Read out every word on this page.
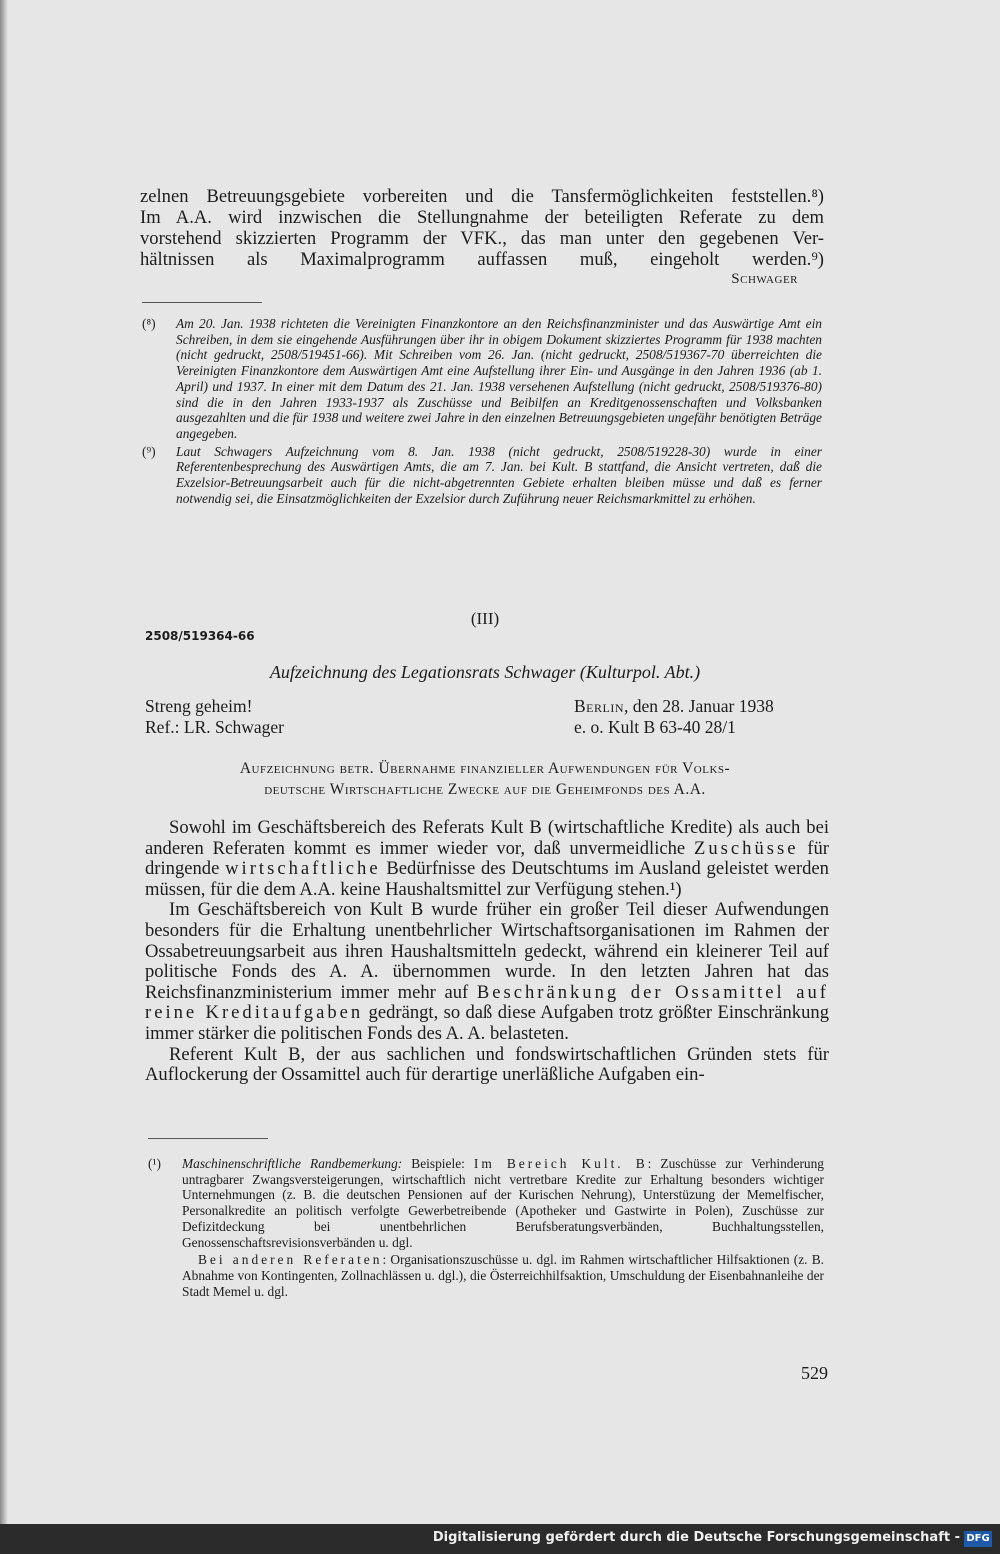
zelnen Betreuungsgebiete vorbereiten und die Tansfermöglichkeiten feststellen.⁸)

Im A.A. wird inzwischen die Stellungnahme der beteiligten Referate zu dem

vorstehend skizzierten Programm der VFK., das man unter den gegebenen Ver-

hältnissen als Maximalprogramm auffassen muß, eingeholt werden.⁹)

Schwager
(⁸)	Am 20. Jan. 1938 richteten die Vereinigten Finanzkontore an den Reichsfinanzminister und das Auswärtige Amt ein Schreiben, in dem sie eingehende Ausführungen über ihr in obigem Dokument skizziertes Programm für 1938 machten (nicht gedruckt, 2508/519451-66). Mit Schreiben vom 26. Jan. (nicht gedruckt, 2508/519367-70 überreichten die Vereinigten Finanzkontore dem Auswärtigen Amt eine Aufstellung ihrer Ein- und Ausgänge in den Jahren 1936 (ab 1. April) und 1937. In einer mit dem Datum des 21. Jan. 1938 versehenen Aufstellung (nicht gedruckt, 2508/519376-80) sind die in den Jahren 1933-1937 als Zuschüsse und Beibilfen an Kreditgenossenschaften und Volksbanken ausgezahlten und die für 1938 und weitere zwei Jahre in den einzelnen Betreuungsgebieten ungefähr benötigten Beträge angegeben.
(⁹)	Laut Schwagers Aufzeichnung vom 8. Jan. 1938 (nicht gedruckt, 2508/519228-30) wurde in einer Referentenbesprechung des Auswärtigen Amts, die am 7. Jan. bei Kult. B stattfand, die Ansicht vertreten, daß die Exzelsior-Betreuungsarbeit auch für die nicht-abgetrennten Gebiete erhalten bleiben müsse und daß es ferner notwendig sei, die Einsatzmöglichkeiten der Exzelsior durch Zuführung neuer Reichsmarkmittel zu erhöhen.
(III)
2508/519364-66
Aufzeichnung des Legationsrats Schwager (Kulturpol. Abt.)
Streng geheim!
Ref.: LR. Schwager
Berlin, den 28. Januar 1938
e. o. Kult B 63-40 28/1
Aufzeichnung betr. Übernahme finanzieller Aufwendungen für Volks-
deutsche Wirtschaftliche Zwecke auf die Geheimfonds des A.A.

Sowohl im Geschäftsbereich des Referats Kult B (wirtschaftliche Kredite) als auch bei anderen Referaten kommt es immer wieder vor, daß unvermeidliche Zuschüsse für dringende wirtschaftliche Bedürfnisse des Deutschtums im Ausland geleistet werden müssen, für die dem A.A. keine Haushaltsmittel zur Verfügung stehen.¹)

Im Geschäftsbereich von Kult B wurde früher ein großer Teil dieser Aufwendungen besonders für die Erhaltung unentbehrlicher Wirtschaftsorganisationen im Rahmen der Ossabetreuungsarbeit aus ihren Haushaltsmitteln gedeckt, während ein kleinerer Teil auf politische Fonds des A. A. übernommen wurde. In den letzten Jahren hat das Reichsfinanzministerium immer mehr auf Beschränkung der Ossamittel auf reine Kreditaufgaben gedrängt, so daß diese Aufgaben trotz größter Einschränkung immer stärker die politischen Fonds des A. A. belasteten.

Referent Kult B, der aus sachlichen und fondswirtschaftlichen Gründen stets für Auflockerung der Ossamittel auch für derartige unerläßliche Aufgaben ein-

(¹)	Maschinenschriftliche Randbemerkung: Beispiele: Im Bereich Kult. B: Zuschüsse zur Verhinderung untragbarer Zwangsversteigerungen, wirtschaftlich nicht vertretbare Kredite zur Erhaltung besonders wichtiger Unternehmungen (z. B. die deutschen Pensionen auf der Kurischen Nehrung), Unterstüzung der Memelfischer, Personalkredite an politisch verfolgte Gewerbetreibende (Apotheker und Gastwirte in Polen), Zuschüsse zur Defizitdeckung bei unentbehrlichen Berufsberatungsverbänden, Buchhaltungsstellen, Genossenschaftsrevisionsverbänden u. dgl.
Bei anderen Referaten: Organisationszuschüsse u. dgl. im Rahmen wirtschaftlicher Hilfsaktionen (z. B. Abnahme von Kontingenten, Zollnachlässen u. dgl.), die Österreichhilfsaktion, Umschuldung der Eisenbahnanleihe der Stadt Memel u. dgl.
529
Digitalisierung gefördert durch die Deutsche Forschungsgemeinschaft - DFG
